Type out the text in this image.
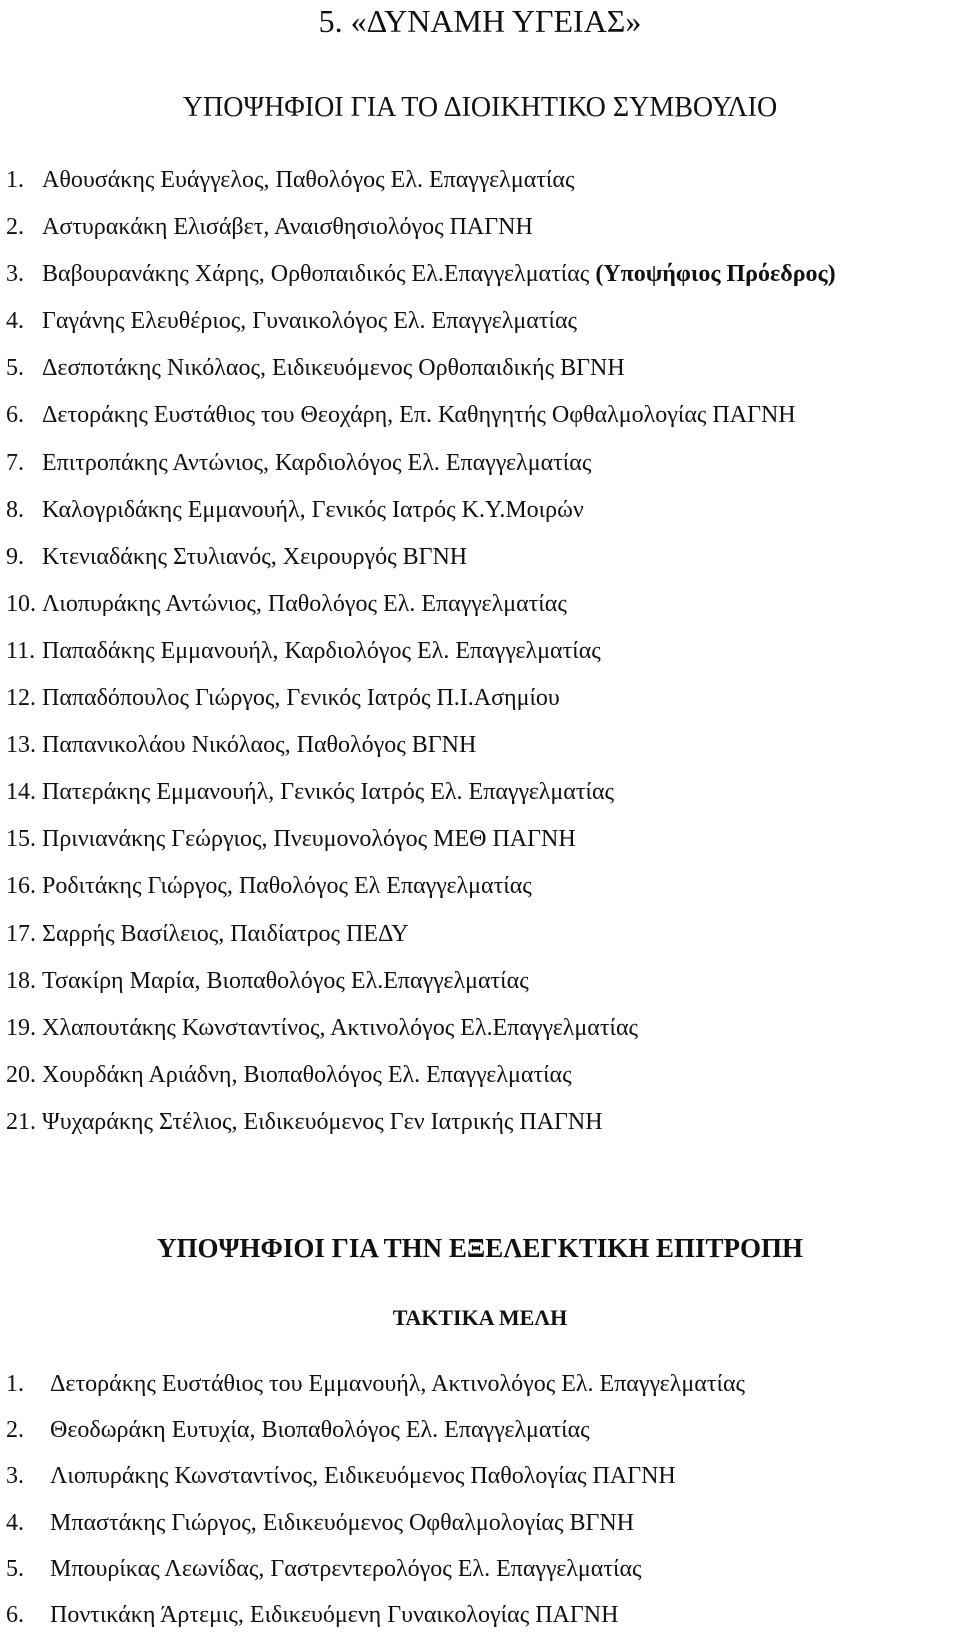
5. «ΔΥΝΑΜΗ ΥΓΕΙΑΣ»
ΥΠΟΨΗΦΙΟΙ ΓΙΑ ΤΟ ΔΙΟΙΚΗΤΙΚΟ ΣΥΜΒΟΥΛΙΟ
1. Αθουσάκης Ευάγγελος, Παθολόγος Ελ. Επαγγελματίας
2. Αστυρακάκη Ελισάβετ, Αναισθησιολόγος ΠΑΓΝΗ
3. Βαβουρανάκης Χάρης, Ορθοπαιδικός Ελ.Επαγγελματίας (Υποψήφιος Πρόεδρος)
4. Γαγάνης Ελευθέριος, Γυναικολόγος Ελ. Επαγγελματίας
5. Δεσποτάκης Νικόλαος, Ειδικευόμενος Ορθοπαιδικής ΒΓΝΗ
6. Δετοράκης Ευστάθιος του Θεοχάρη, Επ. Καθηγητής Οφθαλμολογίας ΠΑΓΝΗ
7. Επιτροπάκης Αντώνιος, Καρδιολόγος Ελ. Επαγγελματίας
8. Καλογριδάκης Εμμανουήλ, Γενικός Ιατρός Κ.Υ.Μοιρών
9. Κτενιαδάκης Στυλιανός, Χειρουργός ΒΓΝΗ
10. Λιοπυράκης Αντώνιος, Παθολόγος Ελ. Επαγγελματίας
11. Παπαδάκης Εμμανουήλ, Καρδιολόγος Ελ. Επαγγελματίας
12. Παπαδόπουλος Γιώργος, Γενικός Ιατρός Π.Ι.Ασημίου
13. Παπανικολάου Νικόλαος, Παθολόγος ΒΓΝΗ
14. Πατεράκης Εμμανουήλ, Γενικός Ιατρός Ελ. Επαγγελματίας
15. Πρινιανάκης Γεώργιος, Πνευμονολόγος ΜΕΘ ΠΑΓΝΗ
16. Ροδιτάκης Γιώργος, Παθολόγος Ελ Επαγγελματίας
17. Σαρρής Βασίλειος, Παιδίατρος ΠΕΔΥ
18. Τσακίρη Μαρία, Βιοπαθολόγος Ελ.Επαγγελματίας
19. Χλαπουτάκης Κωνσταντίνος, Ακτινολόγος Ελ.Επαγγελματίας
20. Χουρδάκη Αριάδνη, Βιοπαθολόγος Ελ. Επαγγελματίας
21. Ψυχαράκης Στέλιος, Ειδικευόμενος Γεν Ιατρικής ΠΑΓΝΗ
ΥΠΟΨΗΦΙΟΙ ΓΙΑ ΤΗΝ ΕΞΕΛΕΓΚΤΙΚΗ ΕΠΙΤΡΟΠΗ
ΤΑΚΤΙΚΑ ΜΕΛΗ
1. Δετοράκης Ευστάθιος του Εμμανουήλ, Ακτινολόγος Ελ. Επαγγελματίας
2. Θεοδωράκη Ευτυχία, Βιοπαθολόγος Ελ. Επαγγελματίας
3. Λιοπυράκης Κωνσταντίνος, Ειδικευόμενος Παθολογίας ΠΑΓΝΗ
4. Μπαστάκης Γιώργος, Ειδικευόμενος Οφθαλμολογίας ΒΓΝΗ
5. Μπουρίκας Λεωνίδας, Γαστρεντερολόγος Ελ. Επαγγελματίας
6. Ποντικάκη Άρτεμις, Ειδικευόμενη Γυναικολογίας ΠΑΓΝΗ
